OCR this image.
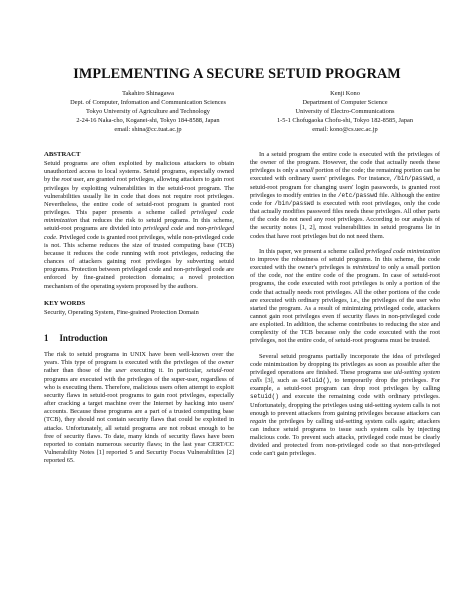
IMPLEMENTING A SECURE SETUID PROGRAM
Takahiro Shinagawa
Dept. of Computer, Infomation and Communication Sciences
Tokyo University of Agriculture and Technology
2-24-16 Naka-cho, Koganei-shi, Tokyo 184-8588, Japan
email: shina@cc.tuat.ac.jp
Kenji Kono
Department of Computer Science
University of Electro-Communications
1-5-1 Chofugaoka Chofu-shi, Tokyo 182-8585, Japan
email: kono@cs.uec.ac.jp
ABSTRACT

Setuid programs are often exploited by malicious attackers to obtain unauthorized access to local systems. Setuid programs, especially owned by the root user, are granted root privileges, allowing attackers to gain root privileges by exploiting vulnerabilities in the setuid-root program. The vulnerabilities usually lie in code that does not require root privileges. Nevertheless, the entire code of setuid-root program is granted root privileges. This paper presents a scheme called privileged code minimization that reduces the risk to setuid programs. In this scheme, setuid-root programs are divided into privileged code and non-privileged code. Privileged code is granted root privileges, while non-privileged code is not. This scheme reduces the size of trusted computing base (TCB) because it reduces the code running with root privileges, reducing the chances of attackers gaining root privileges by subverting setuid programs. Protection between privileged code and non-privileged code are enforced by fine-grained protection domains; a novel protection mechanism of the operating system proposed by the authors.

KEY WORDS

Security, Operating System, Fine-grained Protection Domain

1 Introduction

The risk to setuid programs in UNIX have been well-known over the years. This type of program is executed with the privileges of the owner rather than those of the user executing it. In particular, setuid-root programs are executed with the privileges of the super-user, regardless of who is executing them. Therefore, malicious users often attempt to exploit security flaws in setuid-root programs to gain root privileges, especially after cracking a target machine over the Internet by hacking into users' accounts. Because these programs are a part of a trusted computing base (TCB), they should not contain security flaws that could be exploited in attacks. Unfortunately, all setuid programs are not robust enough to be free of security flaws. To date, many kinds of security flaws have been reported to contain numerous security flaws; in the last year CERT/CC Vulnerability Notes [1] reported 5 and Security Focus Vulnerabilities [2] reported 65.

In a setuid program the entire code is executed with the privileges of the owner of the program. However, the code that actually needs these privileges is only a small portion of the code; the remaining portion can be executed with ordinary users' privileges. For instance, /bin/passwd, a setuid-root program for changing users' login passwords, is granted root privileges to modify entries in the /etc/passwd file. Although the entire code for /bin/passwd is executed with root privileges, only the code that actually modifies password files needs these privileges. All other parts of the code do not need any root privileges. According to our analysis of the security notes [1, 2], most vulnerabilities in setuid programs lie in codes that have root privileges but do not need them.

In this paper, we present a scheme called privileged code minimization to improve the robustness of setuid programs. In this scheme, the code executed with the owner's privileges is minimized to only a small portion of the code, not the entire code of the program. In case of setuid-root programs, the code executed with root privileges is only a portion of the code that actually needs root privileges. All the other portions of the code are executed with ordinary privileges, i.e., the privileges of the user who started the program. As a result of minimizing privileged code, attackers cannot gain root privileges even if security flaws in non-privileged code are exploited. In addition, the scheme contributes to reducing the size and complexity of the TCB because only the code executed with the root privileges, not the entire code, of setuid-root programs must be trusted.

Several setuid programs partially incorporate the idea of privileged code minimization by dropping its privileges as soon as possible after the privileged operations are finished. These programs use uid-setting system calls [3], such as setuid(), to temporarily drop the privileges. For example, a setuid-root program can drop root privileges by calling setuid() and execute the remaining code with ordinary privileges. Unfortunately, dropping the privileges using uid-setting system calls is not enough to prevent attackers from gaining privileges because attackers can regain the privileges by calling uid-setting system calls again; attackers can induce setuid programs to issue such system calls by injecting malicious code. To prevent such attacks, privileged code must be clearly divided and protected from non-privileged code so that non-privileged code can't gain privileges.
